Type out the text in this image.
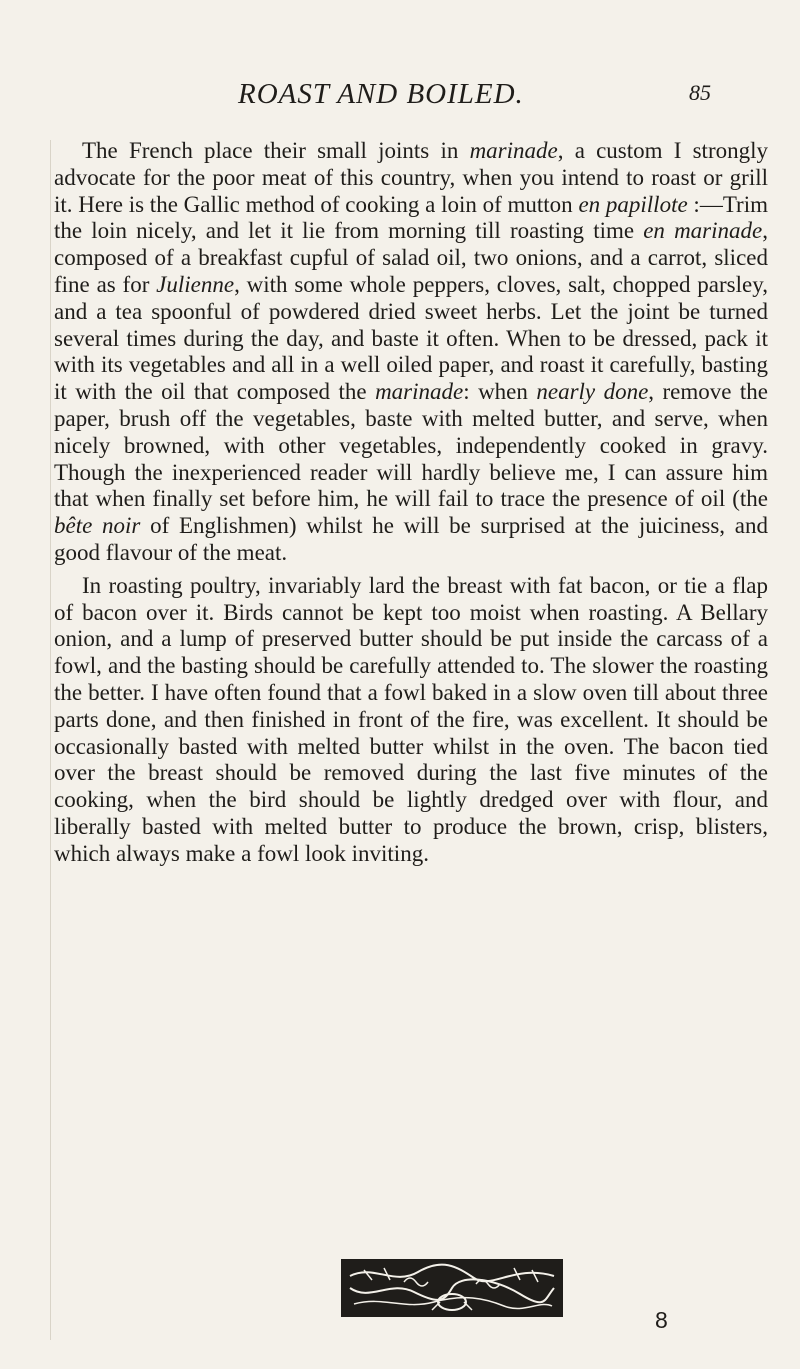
ROAST AND BOILED.	85

The French place their small joints in marinade, a custom I strongly advocate for the poor meat of this country, when you intend to roast or grill it. Here is the Gallic method of cooking a loin of mutton en papillote :—Trim the loin nicely, and let it lie from morning till roasting time en marinade, composed of a breakfast cupful of salad oil, two onions, and a carrot, sliced fine as for Julienne, with some whole peppers, cloves, salt, chopped parsley, and a tea spoonful of powdered dried sweet herbs. Let the joint be turned several times during the day, and baste it often. When to be dressed, pack it with its vegetables and all in a well oiled paper, and roast it carefully, basting it with the oil that composed the marinade: when nearly done, remove the paper, brush off the vegetables, baste with melted butter, and serve, when nicely browned, with other vegetables, independently cooked in gravy. Though the inexperienced reader will hardly believe me, I can assure him that when finally set before him, he will fail to trace the presence of oil (the bête noir of Englishmen) whilst he will be surprised at the juiciness, and good flavour of the meat.

In roasting poultry, invariably lard the breast with fat bacon, or tie a flap of bacon over it. Birds cannot be kept too moist when roasting. A Bellary onion, and a lump of preserved butter should be put inside the carcass of a fowl, and the basting should be carefully attended to. The slower the roasting the better. I have often found that a fowl baked in a slow oven till about three parts done, and then finished in front of the fire, was excellent. It should be occasionally basted with melted butter whilst in the oven. The bacon tied over the breast should be removed during the last five minutes of the cooking, when the bird should be lightly dredged over with flour, and liberally basted with melted butter to produce the brown, crisp, blisters, which always make a fowl look inviting.

8
